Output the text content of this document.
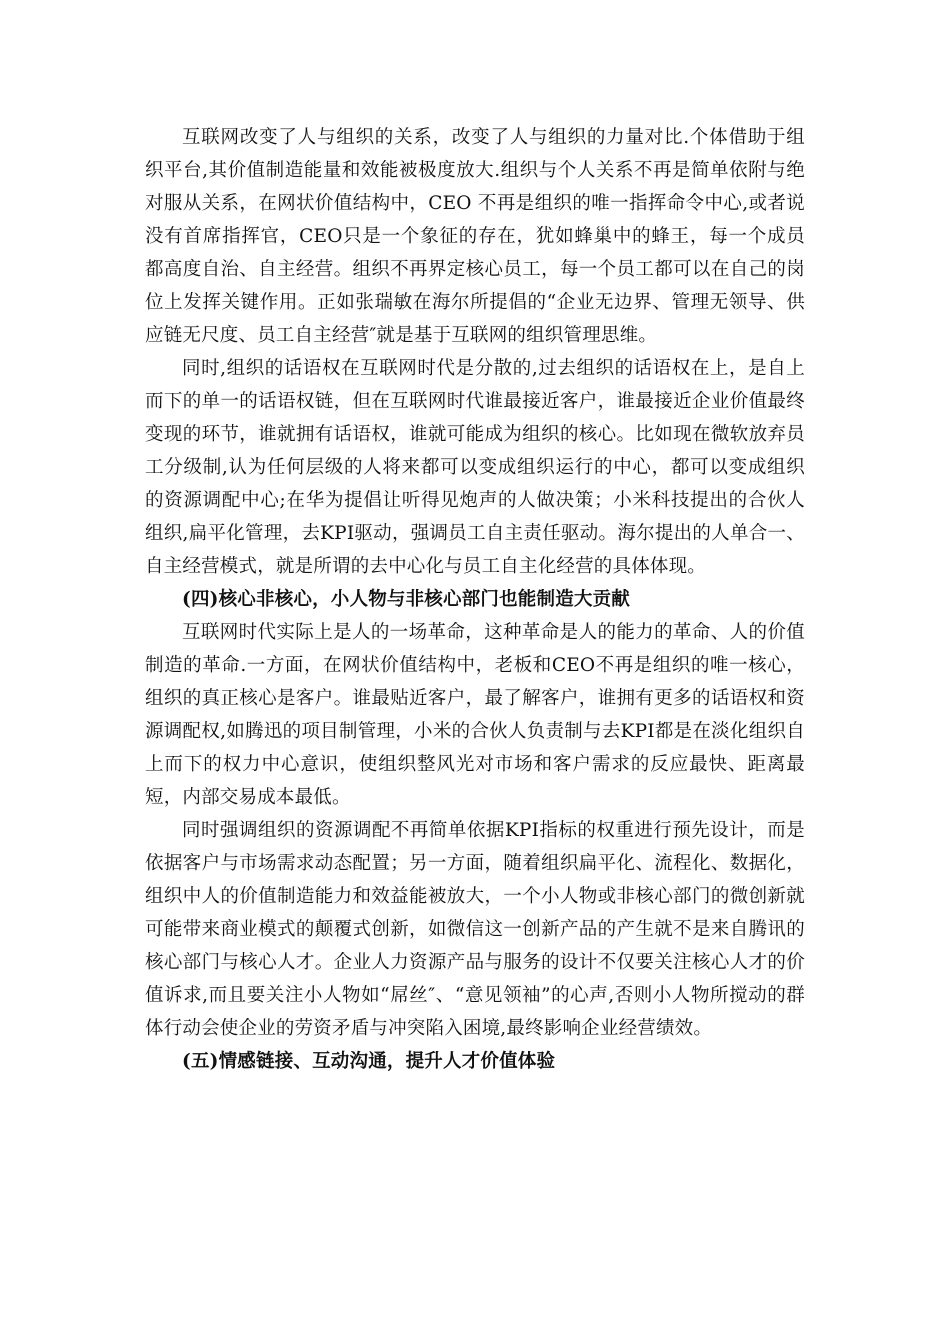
互联网改变了人与组织的关系，改变了人与组织的力量对比.个体借助于组织平台,其价值制造能量和效能被极度放大.组织与个人关系不再是简单依附与绝对服从关系，在网状价值结构中，CEO 不再是组织的唯一指挥命令中心,或者说没有首席指挥官，CEO只是一个象征的存在，犹如蜂巢中的蜂王，每一个成员都高度自治、自主经营。组织不再界定核心员工，每一个员工都可以在自己的岗位上发挥关键作用。正如张瑞敏在海尔所提倡的“企业无边界、管理无领导、供应链无尺度、员工自主经营″就是基于互联网的组织管理思维。

同时,组织的话语权在互联网时代是分散的,过去组织的话语权在上，是自上而下的单一的话语权链，但在互联网时代谁最接近客户，谁最接近企业价值最终变现的环节，谁就拥有话语权，谁就可能成为组织的核心。比如现在微软放弃员工分级制,认为任何层级的人将来都可以变成组织运行的中心，都可以变成组织的资源调配中心;在华为提倡让听得见炮声的人做决策；小米科技提出的合伙人组织,扁平化管理，去KPI驱动，强调员工自主责任驱动。海尔提出的人单合一、自主经营模式，就是所谓的去中心化与员工自主化经营的具体体现。

(四)核心非核心，小人物与非核心部门也能制造大贡献

互联网时代实际上是人的一场革命，这种革命是人的能力的革命、人的价值制造的革命.一方面，在网状价值结构中，老板和CEO不再是组织的唯一核心，组织的真正核心是客户。谁最贴近客户，最了解客户，谁拥有更多的话语权和资源调配权,如腾迅的项目制管理，小米的合伙人负责制与去KPI都是在淡化组织自上而下的权力中心意识，使组织整风光对市场和客户需求的反应最快、距离最短，内部交易成本最低。

同时强调组织的资源调配不再简单依据KPI指标的权重进行预先设计，而是依据客户与市场需求动态配置；另一方面，随着组织扁平化、流程化、数据化，组织中人的价值制造能力和效益能被放大，一个小人物或非核心部门的微创新就可能带来商业模式的颠覆式创新，如微信这一创新产品的产生就不是来自腾讯的核心部门与核心人才。企业人力资源产品与服务的设计不仅要关注核心人才的价值诉求,而且要关注小人物如“屌丝″、“意见领袖”的心声,否则小人物所搅动的群体行动会使企业的劳资矛盾与冲突陷入困境,最终影响企业经营绩效。

(五)情感链接、互动沟通，提升人才价值体验
